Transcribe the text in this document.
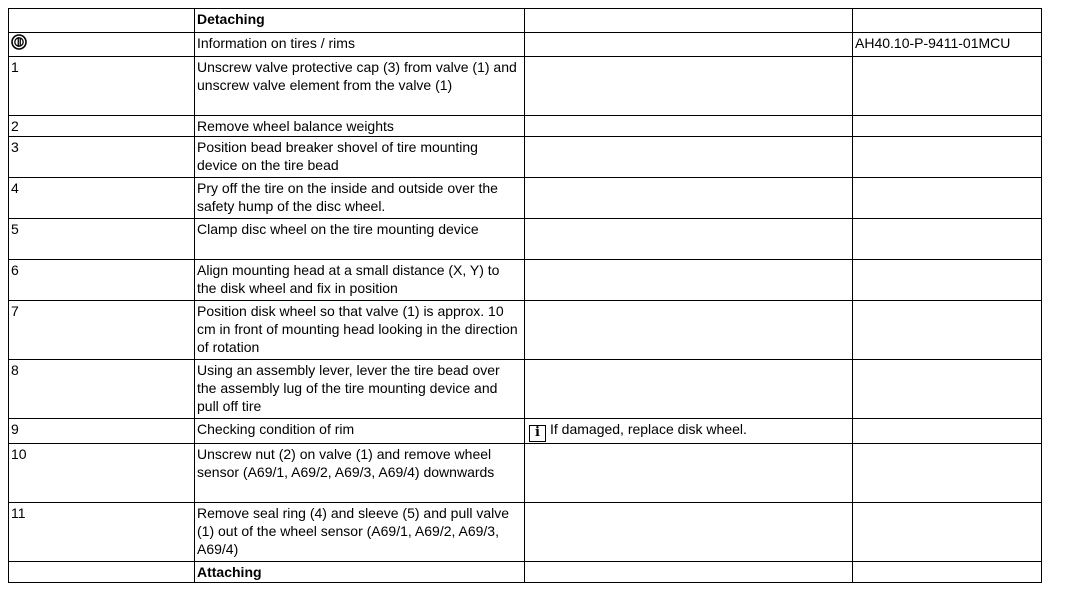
	Detaching		
	Information on tires / rims		AH40.10-P-9411-01MCU
1	Unscrew valve protective cap (3) from valve (1) and unscrew valve element from the valve (1)		
2	Remove wheel balance weights		
3	Position bead breaker shovel of tire mounting device on the tire bead		
4	Pry off the tire on the inside and outside over the safety hump of the disc wheel.		
5	Clamp disc wheel on the tire mounting device		
6	Align mounting head at a small distance (X, Y) to the disk wheel and fix in position		
7	Position disk wheel so that valve (1) is approx. 10 cm in front of mounting head looking in the direction of rotation		
8	Using an assembly lever, lever the tire bead over the assembly lug of the tire mounting device and pull off tire		
9	Checking condition of rim	i If damaged, replace disk wheel.	
10	Unscrew nut (2) on valve (1) and remove wheel sensor (A69/1, A69/2, A69/3, A69/4) downwards		
11	Remove seal ring (4) and sleeve (5) and pull valve (1) out of the wheel sensor (A69/1, A69/2, A69/3, A69/4)		
	Attaching		
